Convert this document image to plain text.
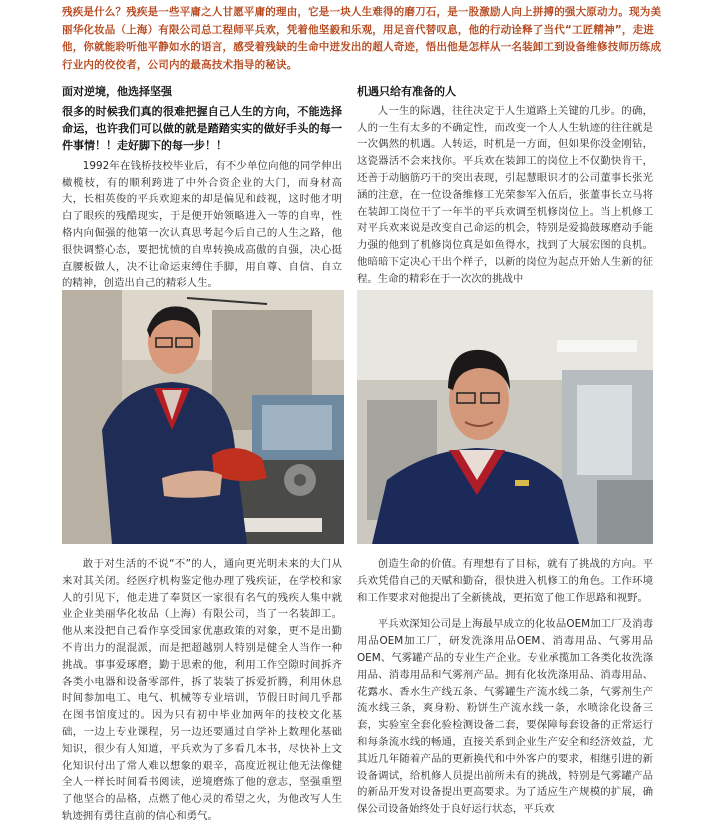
残疾是什么？残疾是一些平庸之人甘愿平庸的理由，它是一块人生难得的磨刀石，是一股激励人向上拼搏的强大原动力。现为美丽华化妆品（上海）有限公司总工程师平兵欢，凭着他坚毅和乐观，用足音代替叹息，他的行动诠释了当代“工匠精神”，走进他，你就能聆听他平静如水的语言，感受着残缺的生命中迸发出的超人奇迹，悟出他是怎样从一名装卸工到设备维修技师历练成行业内的佼佼者，公司内的最高技术指导的秘诀。

面对逆境，他选择坚强
很多的时候我们真的很难把握自己人生的方向，不能选择命运，也许我们可以做的就是踏踏实实的做好手头的每一件事情！！走好脚下的每一步！！

1992年在钱桥技校毕业后，有不少单位向他的同学伸出橄榄枝，有的顺利跨进了中外合资企业的大门，而身材高大，长相英俊的平兵欢迎来的却是偏见和歧视，这时他才明白了眼疾的残酷现实，于是便开始领略进入一等的自卑，性格内向倔强的他第一次认真思考起今后自己的人生之路，他很快调整心态，要把忧愤的自卑转换成高傲的自强，决心挺直腰板做人，决不让命运束缚住手脚，用自尊、自信、自立的精神，创造出自己的精彩人生。

机遇只给有准备的人

人一生的际遇，往往决定于人生道路上关键的几步。的确，人的一生有太多的不确定性，而改变一个人人生轨迹的往往就是一次偶然的机遇。人转运，时机是一方面，但如果你没金刚钻，这瓷器活不会来找你。平兵欢在装卸工的岗位上不仅勤快肯干，还善于动脑筋巧干的突出表现，引起慧眼识才的公司董事长张光涵的注意，在一位设备维修工光荣参军入伍后，张董事长立马将在装卸工岗位干了一年半的平兵欢调至机修岗位上。当上机修工对平兵欢来说是改变自己命运的机会，特别是爱捣鼓琢磨动手能力强的他到了机修岗位真是如鱼得水，找到了大展宏图的良机。他暗暗下定决心干出个样子，以新的岗位为起点开始人生新的征程。生命的精彩在于一次次的挑战中

敢于对生活的不说“不”的人，通向更光明未来的大门从来对其关闭。经医疗机构鉴定他办理了残疾证，在学校和家人的引见下，他走进了奉贤区一家很有名气的残疾人集中就业企业美丽华化妆品（上海）有限公司，当了一名装卸工。他从来没把自己看作享受国家优惠政策的对象，更不是出勤不肯出力的混混派，而是把超越别人特别是健全人当作一种挑战。事事爱琢磨，勤于思索的他，利用工作空隙时间拆齐各类小电器和设备零部件，拆了装装了拆爱折腾，利用休息时间参加电工、电气、机械等专业培训，节假日时间几乎都在图书馆度过的。因为只有初中毕业加两年的技校文化基础，一边上专业课程，另一边还要通过自学补上数理化基础知识，很少有人知道，平兵欢为了多看几本书，尽快补上文化知识付出了常人难以想象的艰辛，高度近视让他无法像健全人一样长时间看书阅读，逆境磨炼了他的意志，坚强重塑了他坚合的品格，点燃了他心灵的希望之火，为他改写人生轨迹拥有勇往直前的信心和勇气。

创造生命的价值。有理想有了目标，就有了挑战的方向。平兵欢凭借自己的天赋和勤奋，很快进入机修工的角色。工作环境和工作要求对他提出了全新挑战，更拓宽了他工作思路和视野。

平兵欢深知公司是上海最早成立的化妆品OEM加工厂及消毒用品OEM加工厂，研发洗涤用品OEM、消毒用品、气雾用品OEM、气雾罐产品的专业生产企业。专业承揽加工各类化妆洗涤用品、消毒用品和气雾剂产品。拥有化妆洗涤用品、消毒用品、花露水、香水生产线五条、气雾罐生产流水线二条，气雾剂生产流水线三条，爽身粉、粉饼生产流水线一条，水喷涂化设备三套，实验室全套化验检测设备二套，要保障每套设备的正常运行和每条流水线的畅通，直接关系到企业生产安全和经济效益，尤其近几年随着产品的更新换代和中外客户的要求，相继引进的新设备调试，给机修人员提出前所未有的挑战，特别是气雾罐产品的新品开发对设备提出更高要求。为了适应生产规模的扩展，确保公司设备始终处于良好运行状态，平兵欢
